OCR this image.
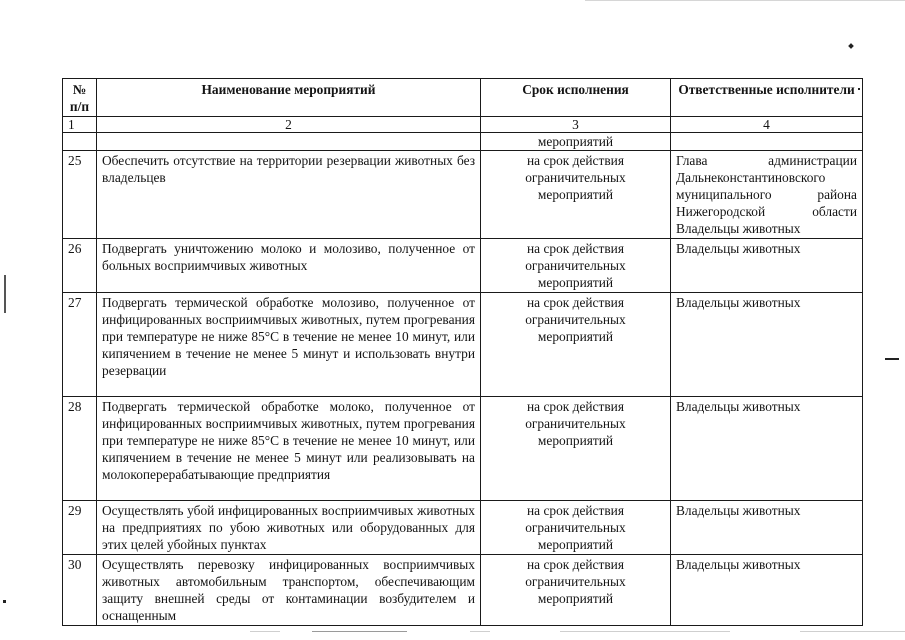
№ п/п	Наименование мероприятий	Срок исполнения	Ответственные исполнители
1	2	3	4
		мероприятий	
25	Обеспечить отсутствие на территории резервации животных без владельцев	на срок действия ограничительных мероприятий	Глава администрации Дальнеконстантиновского муниципального района Нижегородской области Владельцы животных
26	Подвергать уничтожению молоко и молозиво, полученное от больных восприимчивых животных	на срок действия ограничительных мероприятий	Владельцы животных
27	Подвергать термической обработке молозиво, полученное от инфицированных восприимчивых животных, путем прогревания при температуре не ниже 85°С в течение не менее 10 минут, или кипячением в течение не менее 5 минут и использовать внутри резервации	на срок действия ограничительных мероприятий	Владельцы животных
28	Подвергать термической обработке молоко, полученное от инфицированных восприимчивых животных, путем прогревания при температуре не ниже 85°С в течение не менее 10 минут, или кипячением в течение не менее 5 минут или реализовывать на молокоперерабатывающие предприятия	на срок действия ограничительных мероприятий	Владельцы животных
29	Осуществлять убой инфицированных восприимчивых животных на предприятиях по убою животных или оборудованных для этих целей убойных пунктах	на срок действия ограничительных мероприятий	Владельцы животных
30	Осуществлять перевозку инфицированных восприимчивых животных автомобильным транспортом, обеспечивающим защиту внешней среды от контаминации возбудителем и оснащенным	на срок действия ограничительных мероприятий	Владельцы животных
